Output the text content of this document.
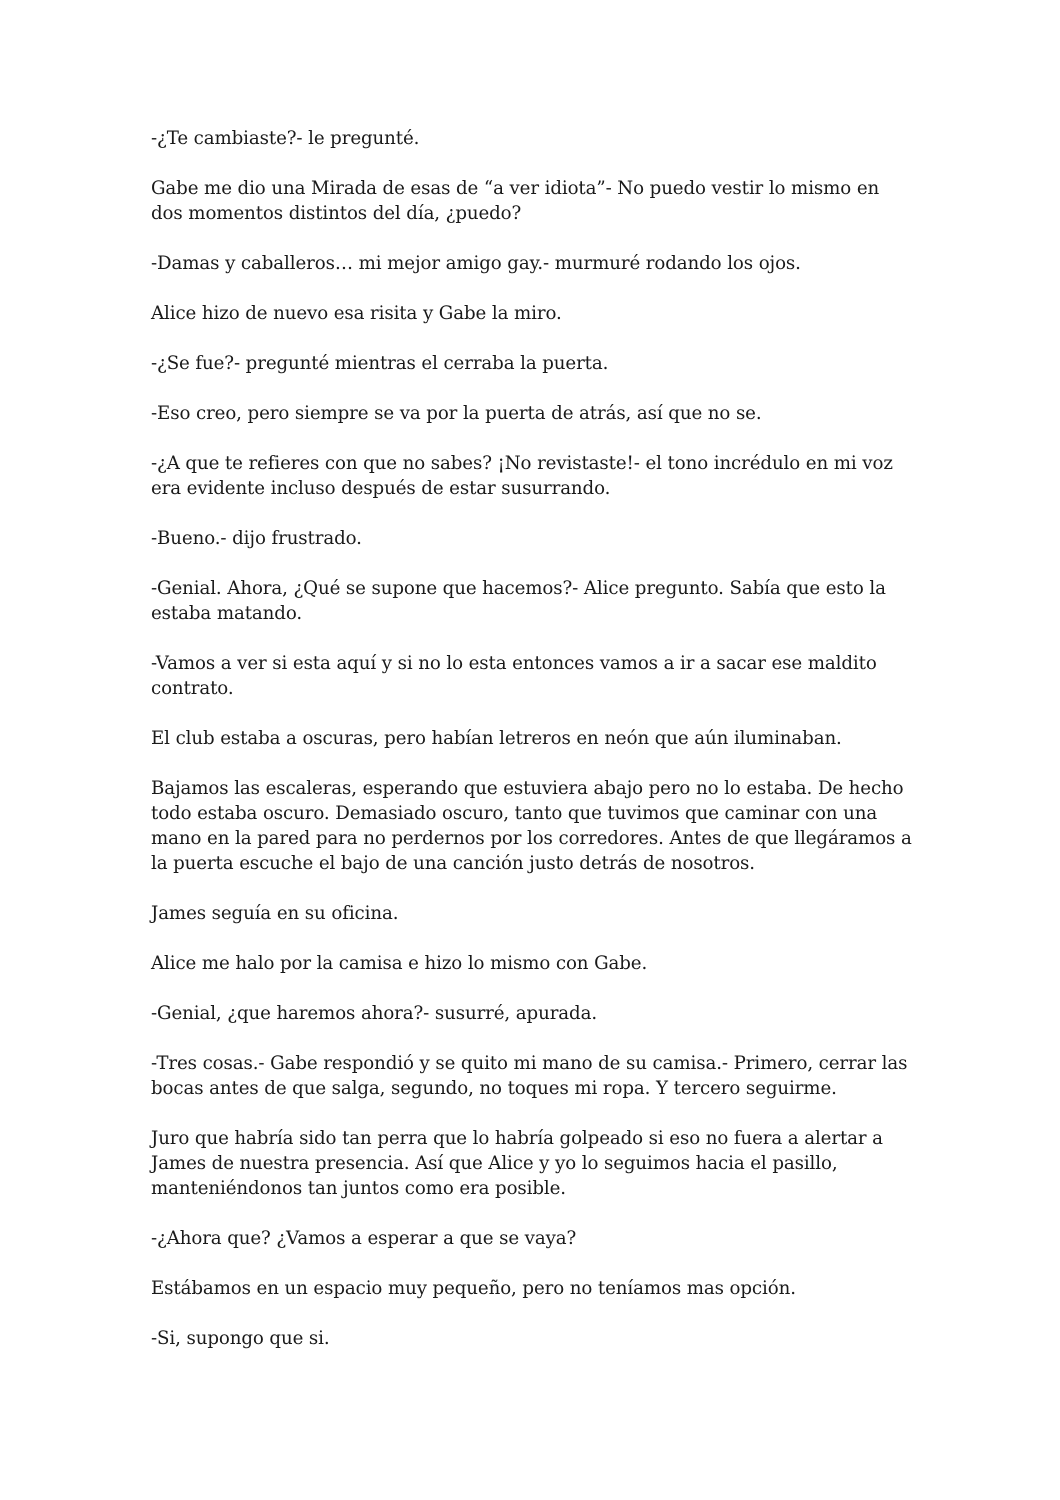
-¿Te cambiaste?- le pregunté.

Gabe me dio una Mirada de esas de “a ver idiota”- No puedo vestir lo mismo en dos momentos distintos del día, ¿puedo?

-Damas y caballeros… mi mejor amigo gay.- murmuré rodando los ojos.

Alice hizo de nuevo esa risita y Gabe la miro.

-¿Se fue?- pregunté mientras el cerraba la puerta.

-Eso creo, pero siempre se va por la puerta de atrás, así que no se.

-¿A que te refieres con que no sabes? ¡No revistaste!- el tono incrédulo en mi voz era evidente incluso después de estar susurrando.

-Bueno.- dijo frustrado.

-Genial. Ahora, ¿Qué se supone que hacemos?- Alice pregunto. Sabía que esto la estaba matando.

-Vamos a ver si esta aquí y si no lo esta entonces vamos a ir a sacar ese maldito contrato.

El club estaba a oscuras, pero habían letreros en neón que aún iluminaban.

Bajamos las escaleras, esperando que estuviera abajo pero no lo estaba. De hecho todo estaba oscuro. Demasiado oscuro, tanto que tuvimos que caminar con una mano en la pared para no perdernos por los corredores. Antes de que llegáramos a la puerta escuche el bajo de una canción justo detrás de nosotros.

James seguía en su oficina.

Alice me halo por la camisa e hizo lo mismo con Gabe.

-Genial, ¿que haremos ahora?- susurré, apurada.

-Tres cosas.- Gabe respondió y se quito mi mano de su camisa.- Primero, cerrar las bocas antes de que salga, segundo, no toques mi ropa. Y tercero seguirme.

Juro que habría sido tan perra que lo habría golpeado si eso no fuera a alertar a James de nuestra presencia. Así que Alice y yo lo seguimos hacia el pasillo, manteniéndonos tan juntos como era posible.

-¿Ahora que? ¿Vamos a esperar a que se vaya?

Estábamos en un espacio muy pequeño, pero no teníamos mas opción.

-Si, supongo que si.
